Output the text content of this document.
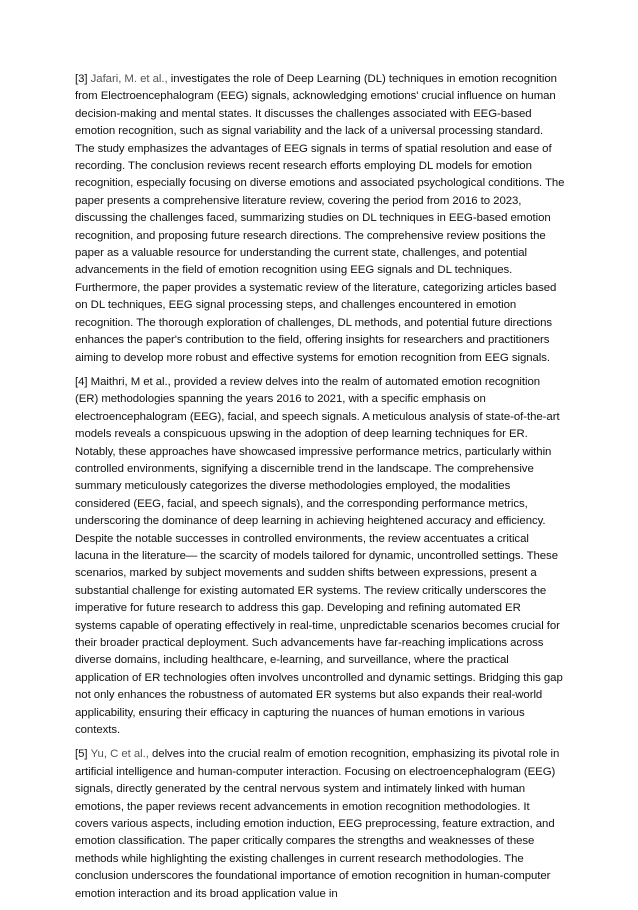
[3] Jafari, M. et al., investigates the role of Deep Learning (DL) techniques in emotion recognition from Electroencephalogram (EEG) signals, acknowledging emotions' crucial influence on human decision-making and mental states. It discusses the challenges associated with EEG-based emotion recognition, such as signal variability and the lack of a universal processing standard. The study emphasizes the advantages of EEG signals in terms of spatial resolution and ease of recording. The conclusion reviews recent research efforts employing DL models for emotion recognition, especially focusing on diverse emotions and associated psychological conditions. The paper presents a comprehensive literature review, covering the period from 2016 to 2023, discussing the challenges faced, summarizing studies on DL techniques in EEG-based emotion recognition, and proposing future research directions. The comprehensive review positions the paper as a valuable resource for understanding the current state, challenges, and potential advancements in the field of emotion recognition using EEG signals and DL techniques. Furthermore, the paper provides a systematic review of the literature, categorizing articles based on DL techniques, EEG signal processing steps, and challenges encountered in emotion recognition. The thorough exploration of challenges, DL methods, and potential future directions enhances the paper's contribution to the field, offering insights for researchers and practitioners aiming to develop more robust and effective systems for emotion recognition from EEG signals.

[4] Maithri, M et al., provided a review delves into the realm of automated emotion recognition (ER) methodologies spanning the years 2016 to 2021, with a specific emphasis on electroencephalogram (EEG), facial, and speech signals. A meticulous analysis of state-of-the-art models reveals a conspicuous upswing in the adoption of deep learning techniques for ER. Notably, these approaches have showcased impressive performance metrics, particularly within controlled environments, signifying a discernible trend in the landscape. The comprehensive summary meticulously categorizes the diverse methodologies employed, the modalities considered (EEG, facial, and speech signals), and the corresponding performance metrics, underscoring the dominance of deep learning in achieving heightened accuracy and efficiency. Despite the notable successes in controlled environments, the review accentuates a critical lacuna in the literature— the scarcity of models tailored for dynamic, uncontrolled settings. These scenarios, marked by subject movements and sudden shifts between expressions, present a substantial challenge for existing automated ER systems. The review critically underscores the imperative for future research to address this gap. Developing and refining automated ER systems capable of operating effectively in real-time, unpredictable scenarios becomes crucial for their broader practical deployment. Such advancements have far-reaching implications across diverse domains, including healthcare, e-learning, and surveillance, where the practical application of ER technologies often involves uncontrolled and dynamic settings. Bridging this gap not only enhances the robustness of automated ER systems but also expands their real-world applicability, ensuring their efficacy in capturing the nuances of human emotions in various contexts.

[5] Yu, C et al., delves into the crucial realm of emotion recognition, emphasizing its pivotal role in artificial intelligence and human-computer interaction. Focusing on electroencephalogram (EEG) signals, directly generated by the central nervous system and intimately linked with human emotions, the paper reviews recent advancements in emotion recognition methodologies. It covers various aspects, including emotion induction, EEG preprocessing, feature extraction, and emotion classification. The paper critically compares the strengths and weaknesses of these methods while highlighting the existing challenges in current research methodologies. The conclusion underscores the foundational importance of emotion recognition in human-computer emotion interaction and its broad application value in
